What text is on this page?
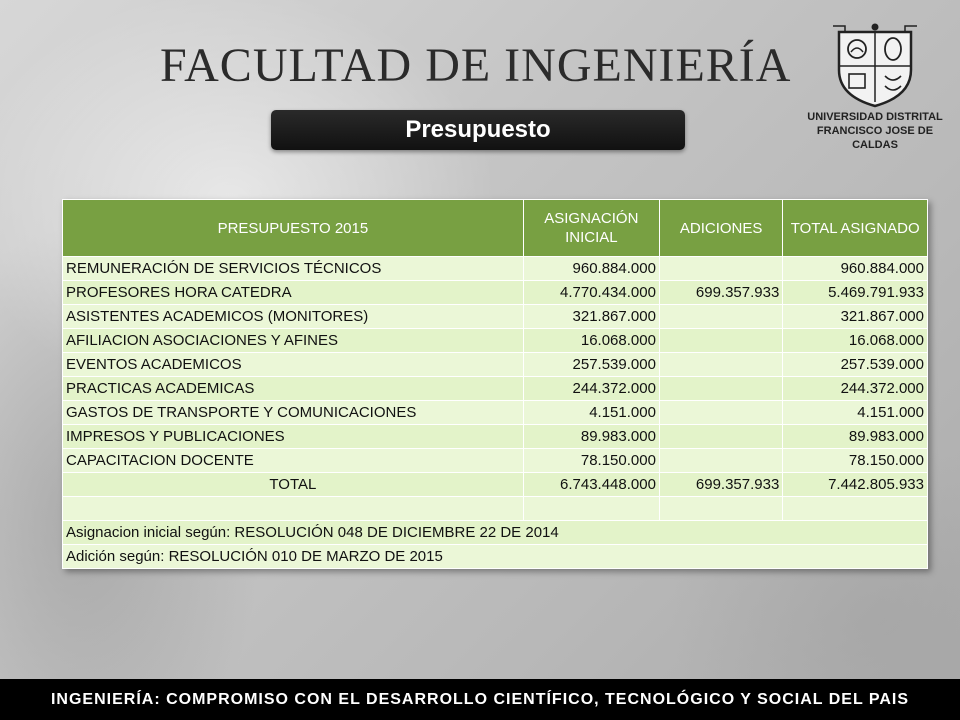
FACULTAD DE INGENIERÍA
Presupuesto	UNIVERSIDAD DISTRITAL
FRANCISCO JOSE DE CALDAS
PRESUPUESTO 2015	ASIGNACIÓN INICIAL	ADICIONES	TOTAL ASIGNADO
REMUNERACIÓN DE SERVICIOS TÉCNICOS	960.884.000		960.884.000
PROFESORES HORA CATEDRA	4.770.434.000	699.357.933	5.469.791.933
ASISTENTES ACADEMICOS (MONITORES)	321.867.000		321.867.000
AFILIACION ASOCIACIONES Y AFINES	16.068.000		16.068.000
EVENTOS ACADEMICOS	257.539.000		257.539.000
PRACTICAS ACADEMICAS	244.372.000		244.372.000
GASTOS DE TRANSPORTE Y COMUNICACIONES	4.151.000		4.151.000
IMPRESOS Y PUBLICACIONES	89.983.000		89.983.000
CAPACITACION DOCENTE	78.150.000		78.150.000
TOTAL	6.743.448.000	699.357.933	7.442.805.933

Asignacion inicial según: RESOLUCIÓN 048 DE DICIEMBRE 22 DE 2014			
Adición según: RESOLUCIÓN 010 DE MARZO DE 2015			
INGENIERÍA: COMPROMISO CON EL DESARROLLO CIENTÍFICO, TECNOLÓGICO Y SOCIAL DEL PAIS
